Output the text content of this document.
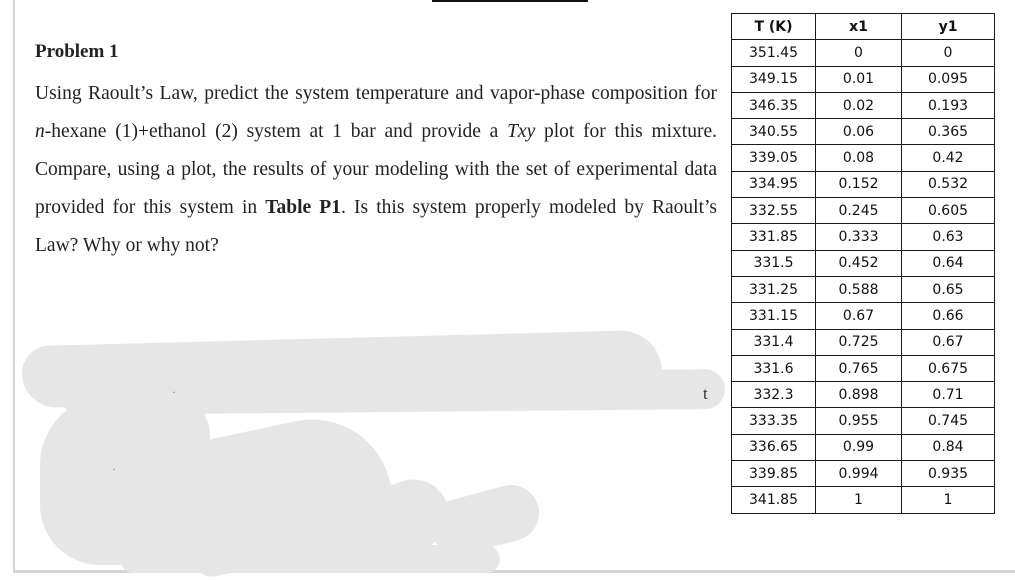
Problem 1
Using Raoult’s Law, predict the system temperature and vapor-phase composition for n-hexane (1)+ethanol (2) system at 1 bar and provide a Txy plot for this mixture. Compare, using a plot, the results of your modeling with the set of experimental data provided for this system in Table P1. Is this system properly modeled by Raoult’s Law? Why or why not?
t
·
·
T (K)	x1	y1
351.45	0	0
349.15	0.01	0.095
346.35	0.02	0.193
340.55	0.06	0.365
339.05	0.08	0.42
334.95	0.152	0.532
332.55	0.245	0.605
331.85	0.333	0.63
331.5	0.452	0.64
331.25	0.588	0.65
331.15	0.67	0.66
331.4	0.725	0.67
331.6	0.765	0.675
332.3	0.898	0.71
333.35	0.955	0.745
336.65	0.99	0.84
339.85	0.994	0.935
341.85	1	1
